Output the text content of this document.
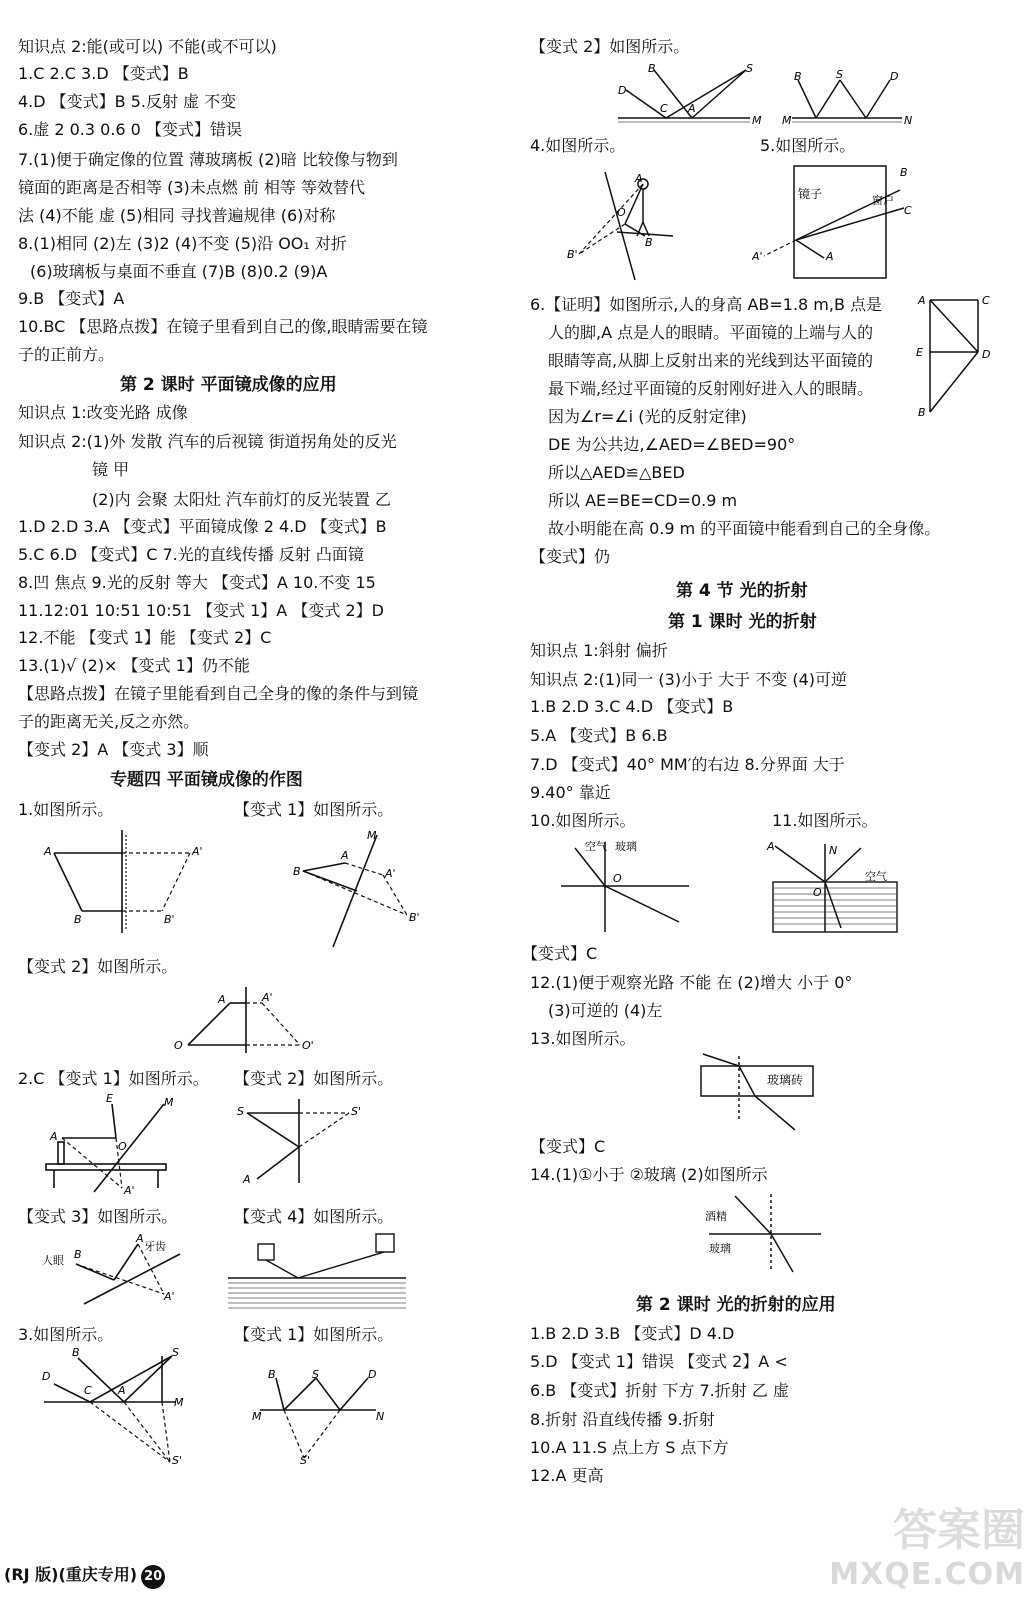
知识点 2:能(或可以) 不能(或不可以)
1.C 2.C 3.D 【变式】B
4.D 【变式】B 5.反射 虚 不变
6.虚 2 0.3 0.6 0 【变式】错误
7.(1)便于确定像的位置 薄玻璃板 (2)暗 比较像与物到
镜面的距离是否相等 (3)未点燃 前 相等 等效替代
法 (4)不能 虚 (5)相同 寻找普遍规律 (6)对称
8.(1)相同 (2)左 (3)2 (4)不变 (5)沿 OO₁ 对折
(6)玻璃板与桌面不垂直 (7)B (8)0.2 (9)A
9.B 【变式】A
10.BC 【思路点拨】在镜子里看到自己的像,眼睛需要在镜
子的正前方。
第 2 课时 平面镜成像的应用
知识点 1:改变光路 成像
知识点 2:(1)外 发散 汽车的后视镜 街道拐角处的反光
镜 甲
(2)内 会聚 太阳灶 汽车前灯的反光装置 乙
1.D 2.D 3.A 【变式】平面镜成像 2 4.D 【变式】B
5.C 6.D 【变式】C 7.光的直线传播 反射 凸面镜
8.凹 焦点 9.光的反射 等大 【变式】A 10.不变 15
11.12:01 10:51 10:51 【变式 1】A 【变式 2】D
12.不能 【变式 1】能 【变式 2】C
13.(1)√ (2)× 【变式 1】仍不能
【思路点拨】在镜子里能看到自己全身的像的条件与到镜
子的距离无关,反之亦然。
【变式 2】A 【变式 3】顺
专题四 平面镜成像的作图
1.如图所示。	【变式 1】如图所示。
A
B
A'
B'
M
A
B	A'
B'
【变式 2】如图所示。
A	A'
O	O'
2.C 【变式 1】如图所示。 【变式 2】如图所示。
E	M
A
O
A'
S	S'
A
【变式 3】如图所示。	【变式 4】如图所示。
人眼 B
A
牙齿
A'
3.如图所示。	【变式 1】如图所示。
D
B
C A
S
M
S'
B	S	D
M	N
S'
【变式 2】如图所示。
D
B
C A
S
M
B	S	D
M	N
4.如图所示。	5.如图所示。
A
O
B
B'
镜子	窗户
B
C
A
A'
6.【证明】如图所示,人的身高 AB=1.8 m,B 点是
人的脚,A 点是人的眼睛。平面镜的上端与人的
眼睛等高,从脚上反射出来的光线到达平面镜的
最下端,经过平面镜的反射刚好进入人的眼睛。
因为∠r=∠i (光的反射定律)
DE 为公共边,∠AED=∠BED=90°
所以△AED≌△BED
所以 AE=BE=CD=0.9 m
故小明能在高 0.9 m 的平面镜中能看到自己的全身像。
A	C
E	D
B
【变式】仍
第 4 节 光的折射
第 1 课时 光的折射
知识点 1:斜射 偏折
知识点 2:(1)同一 (3)小于 大于 不变 (4)可逆
1.B 2.D 3.C 4.D 【变式】B
5.A 【变式】B 6.B
7.D 【变式】40° MM′的右边 8.分界面 大于
9.40° 靠近
10.如图所示。	11.如图所示。
空气 玻璃
O
A	N
空气
O
【变式】C
12.(1)便于观察光路 不能 在 (2)增大 小于 0°
(3)可逆的 (4)左
13.如图所示。
玻璃砖
【变式】C
14.(1)①小于 ②玻璃 (2)如图所示
酒精
玻璃
第 2 课时 光的折射的应用
1.B 2.D 3.B 【变式】D 4.D
5.D 【变式 1】错误 【变式 2】A <
6.B 【变式】折射 下方 7.折射 乙 虚
8.折射 沿直线传播 9.折射
10.A 11.S 点上方 S 点下方
12.A 更高
(RJ 版)(重庆专用) 20
答案圈
MXQE.COM
